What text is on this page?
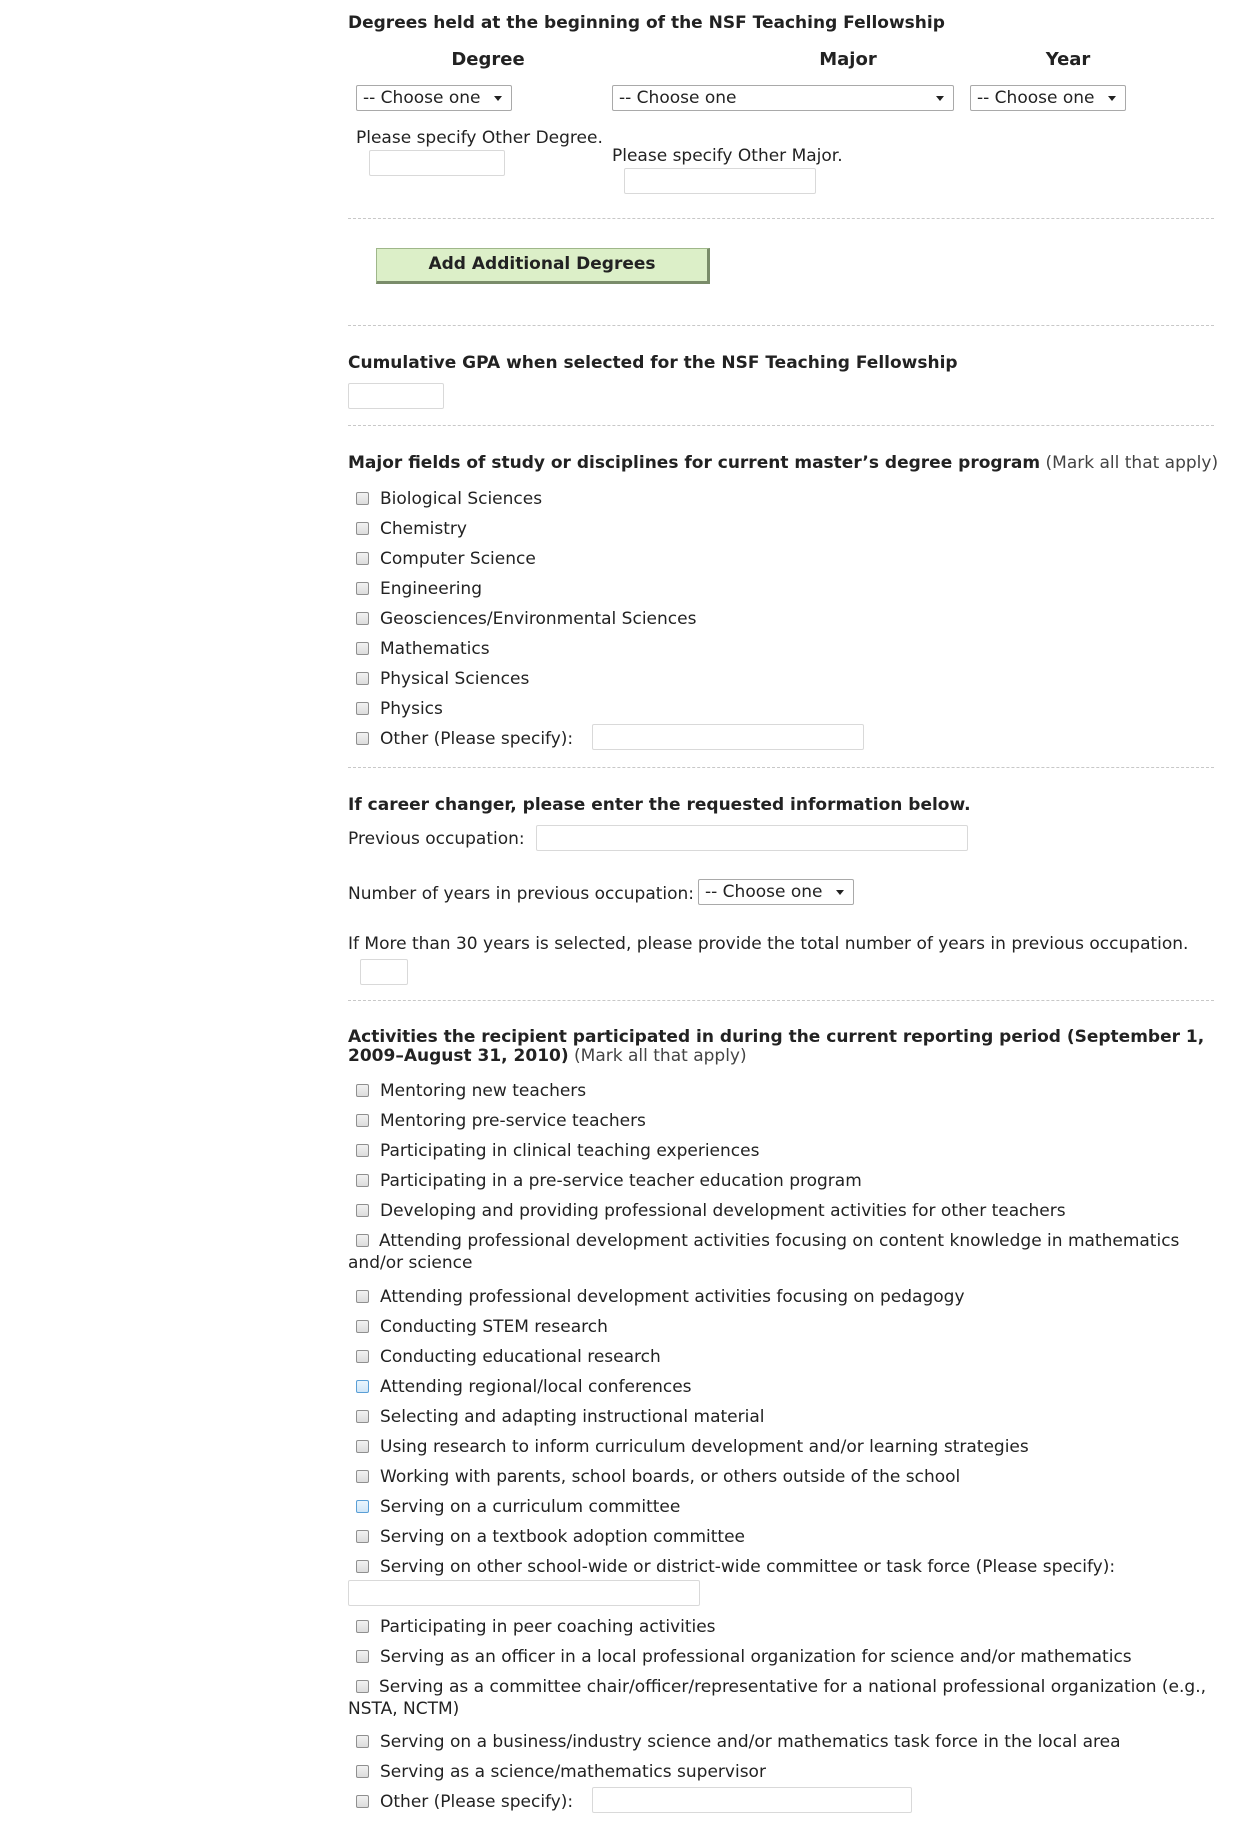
Degrees held at the beginning of the NSF Teaching Fellowship
Degree	Major	Year
-- Choose one	-- Choose one	-- Choose one
Please specify Other Degree.
Please specify Other Major.
Add Additional Degrees
Cumulative GPA when selected for the NSF Teaching Fellowship
Major fields of study or disciplines for current master’s degree program (Mark all that apply)
If career changer, please enter the requested information below.
Previous occupation:
Number of years in previous occupation: -- Choose one
If More than 30 years is selected, please provide the total number of years in previous occupation.
Activities the recipient participated in during the current reporting period (September 1, 2009–August 31, 2010) (Mark all that apply)
Biological Sciences
Chemistry
Computer Science
Engineering
Geosciences/Environmental Sciences
Mathematics
Physical Sciences
Physics
Other (Please specify):
Mentoring new teachers
Mentoring pre-service teachers
Participating in clinical teaching experiences
Participating in a pre-service teacher education program
Developing and providing professional development activities for other teachers
Attending professional development activities focusing on content knowledge in mathematics and/or science
Attending professional development activities focusing on pedagogy
Conducting STEM research
Conducting educational research
Attending regional/local conferences
Selecting and adapting instructional material
Using research to inform curriculum development and/or learning strategies
Working with parents, school boards, or others outside of the school
Serving on a curriculum committee
Serving on a textbook adoption committee
Serving on other school-wide or district-wide committee or task force (Please specify):
Participating in peer coaching activities
Serving as an officer in a local professional organization for science and/or mathematics
Serving as a committee chair/officer/representative for a national professional organization (e.g., NSTA, NCTM)
Serving on a business/industry science and/or mathematics task force in the local area
Serving as a science/mathematics supervisor
Other (Please specify):
